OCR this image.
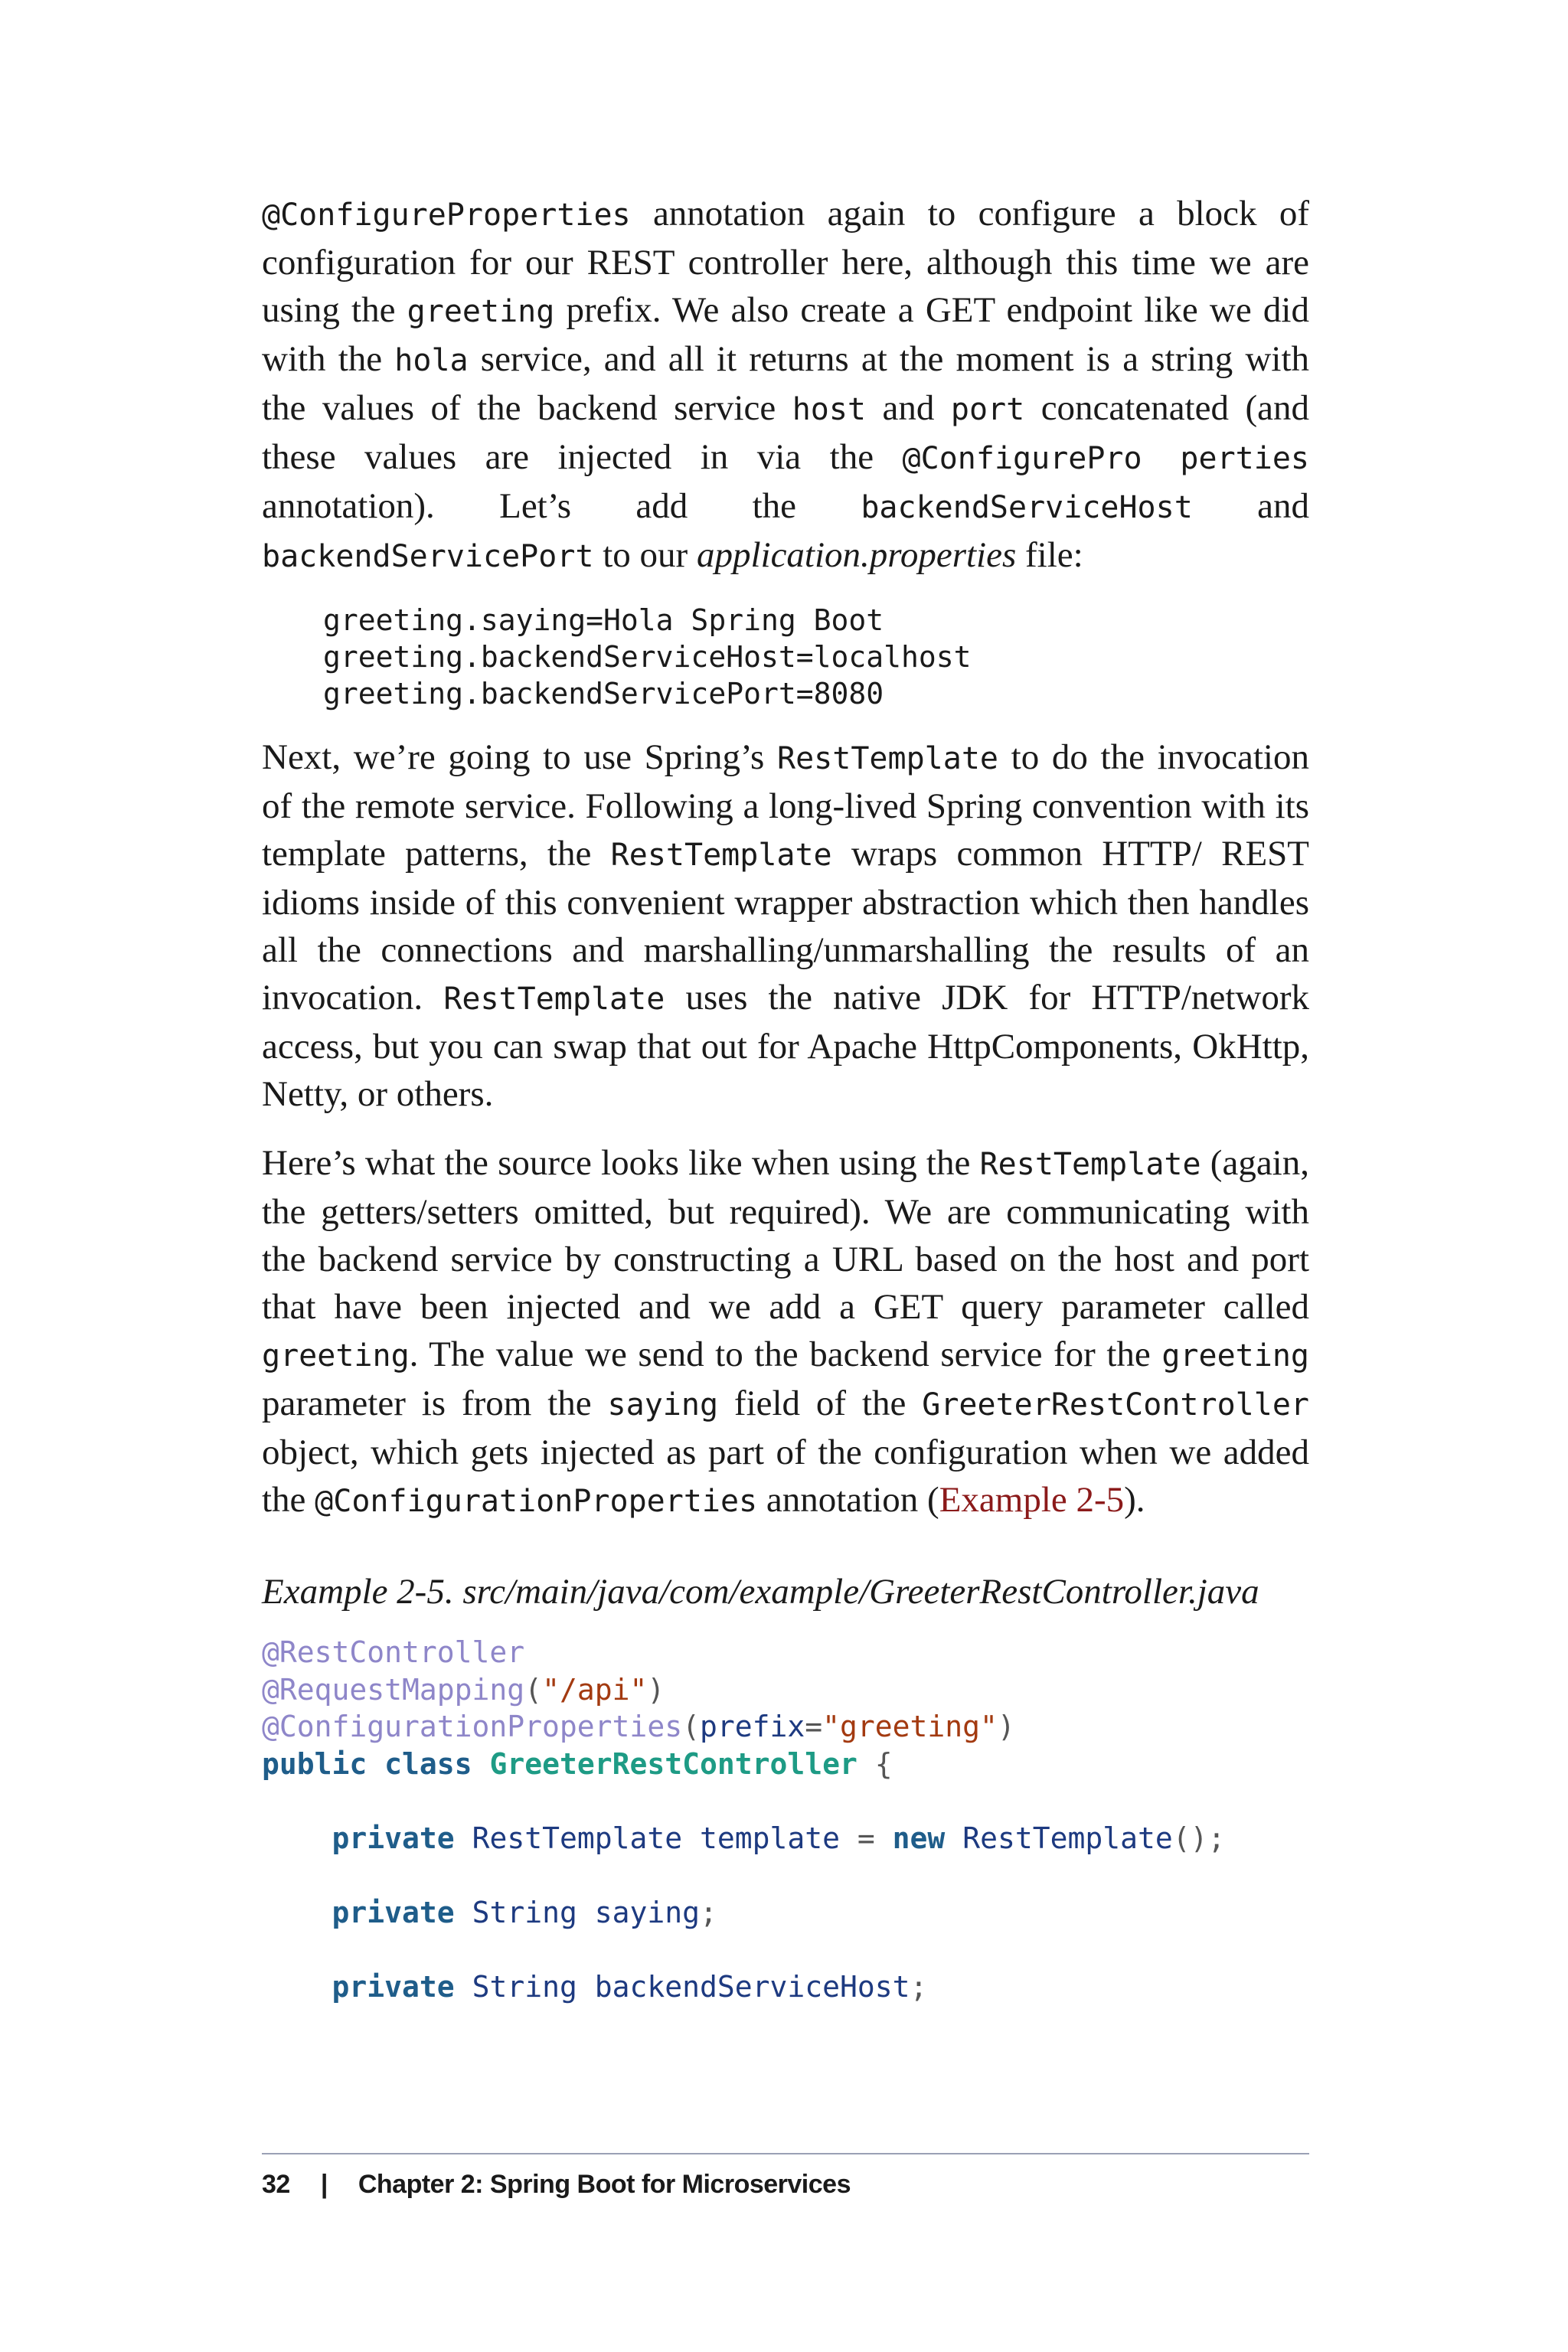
@ConfigureProperties annotation again to configure a block of configuration for our REST controller here, although this time we are using the greeting prefix. We also create a GET endpoint like we did with the hola service, and all it returns at the moment is a string with the values of the backend service host and port concatenated (and these values are injected in via the @ConfigurePro perties annotation). Let’s add the backendServiceHost and backendServicePort to our application.properties file:

greeting.saying=Hola Spring Boot
greeting.backendServiceHost=localhost
greeting.backendServicePort=8080

Next, we’re going to use Spring’s RestTemplate to do the invocation of the remote service. Following a long-lived Spring convention with its template patterns, the RestTemplate wraps common HTTP/ REST idioms inside of this convenient wrapper abstraction which then handles all the connections and marshalling/unmarshalling the results of an invocation. RestTemplate uses the native JDK for HTTP/network access, but you can swap that out for Apache HttpComponents, OkHttp, Netty, or others.

Here’s what the source looks like when using the RestTemplate (again, the getters/setters omitted, but required). We are communicating with the backend service by constructing a URL based on the host and port that have been injected and we add a GET query parameter called greeting. The value we send to the backend service for the greeting parameter is from the saying field of the GreeterRestController object, which gets injected as part of the configuration when we added the @ConfigurationProperties annotation (Example 2-5).

Example 2-5. src/main/java/com/example/GreeterRestController.java

@RestController
@RequestMapping("/api")
@ConfigurationProperties(prefix="greeting")
public class GreeterRestController {

private RestTemplate template = new RestTemplate();

private String saying;

private String backendServiceHost;
32 | Chapter 2: Spring Boot for Microservices
